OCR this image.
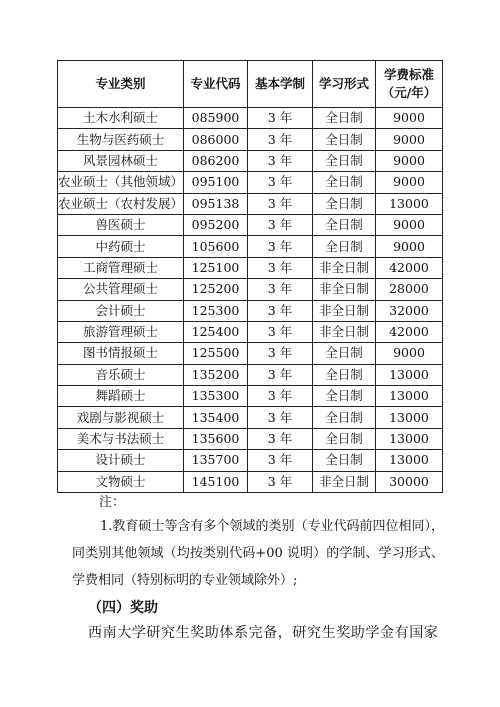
专业类别	专业代码	基本学制	学习形式	学费标准
（元/年）
土木水利硕士	085900	3 年	全日制	9000
生物与医药硕士	086000	3 年	全日制	9000
风景园林硕士	086200	3 年	全日制	9000
农业硕士（其他领域）	095100	3 年	全日制	9000
农业硕士（农村发展）	095138	3 年	全日制	13000
兽医硕士	095200	3 年	全日制	9000
中药硕士	105600	3 年	全日制	9000
工商管理硕士	125100	3 年	非全日制	42000
公共管理硕士	125200	3 年	非全日制	28000
会计硕士	125300	3 年	非全日制	32000
旅游管理硕士	125400	3 年	非全日制	42000
图书情报硕士	125500	3 年	全日制	9000
音乐硕士	135200	3 年	全日制	13000
舞蹈硕士	135300	3 年	全日制	13000
戏剧与影视硕士	135400	3 年	全日制	13000
美术与书法硕士	135600	3 年	全日制	13000
设计硕士	135700	3 年	全日制	13000
文物硕士	145100	3 年	非全日制	30000
注：
1.教育硕士等含有多个领域的类别（专业代码前四位相同），同类别其他领域（均按类别代码+00 说明）的学制、学习形式、学费相同（特别标明的专业领域除外）;
（四）奖助
西南大学研究生奖助体系完备，研究生奖助学金有国家
